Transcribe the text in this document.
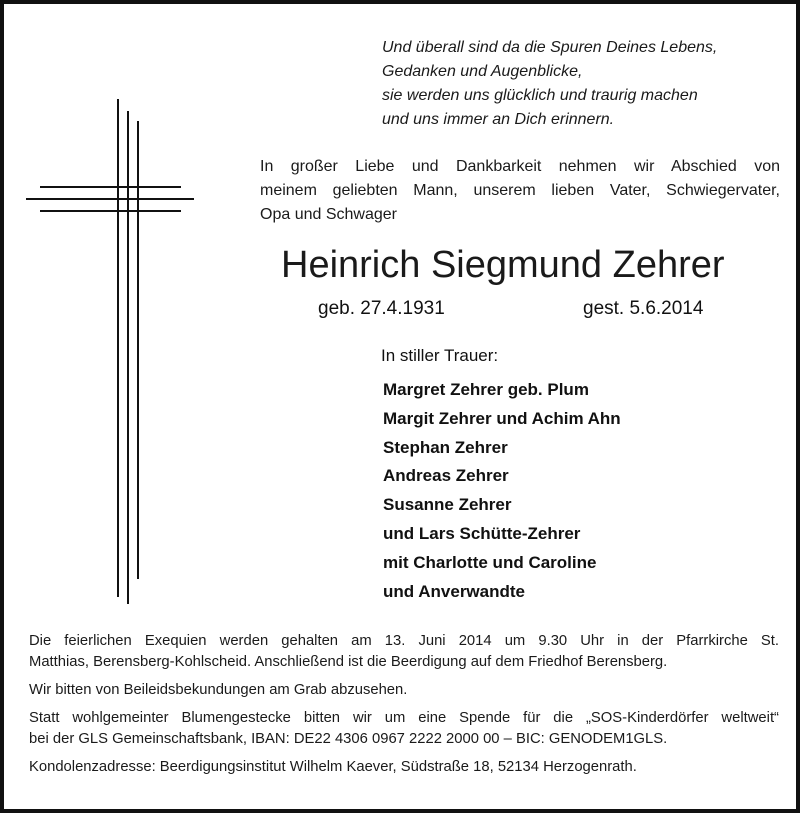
Und überall sind da die Spuren Deines Lebens,
Gedanken und Augenblicke,
sie werden uns glücklich und traurig machen
und uns immer an Dich erinnern.
In großer Liebe und Dankbarkeit nehmen wir Abschied von
meinem geliebten Mann, unserem lieben Vater, Schwiegervater,
Opa und Schwager
Heinrich Siegmund Zehrer
geb. 27.4.1931	gest. 5.6.2014
In stiller Trauer:
Margret Zehrer geb. Plum
Margit Zehrer und Achim Ahn
Stephan Zehrer
Andreas Zehrer
Susanne Zehrer
und Lars Schütte-Zehrer
mit Charlotte und Caroline
und Anverwandte
Die feierlichen Exequien werden gehalten am 13. Juni 2014 um 9.30 Uhr in der Pfarrkirche St.
Matthias, Berensberg-Kohlscheid. Anschließend ist die Beerdigung auf dem Friedhof Berensberg.
Wir bitten von Beileidsbekundungen am Grab abzusehen.
Statt wohlgemeinter Blumengestecke bitten wir um eine Spende für die „SOS-Kinderdörfer weltweit“
bei der GLS Gemeinschaftsbank, IBAN: DE22 4306 0967 2222 2000 00 – BIC: GENODEM1GLS.
Kondolenzadresse: Beerdigungsinstitut Wilhelm Kaever, Südstraße 18, 52134 Herzogenrath.
